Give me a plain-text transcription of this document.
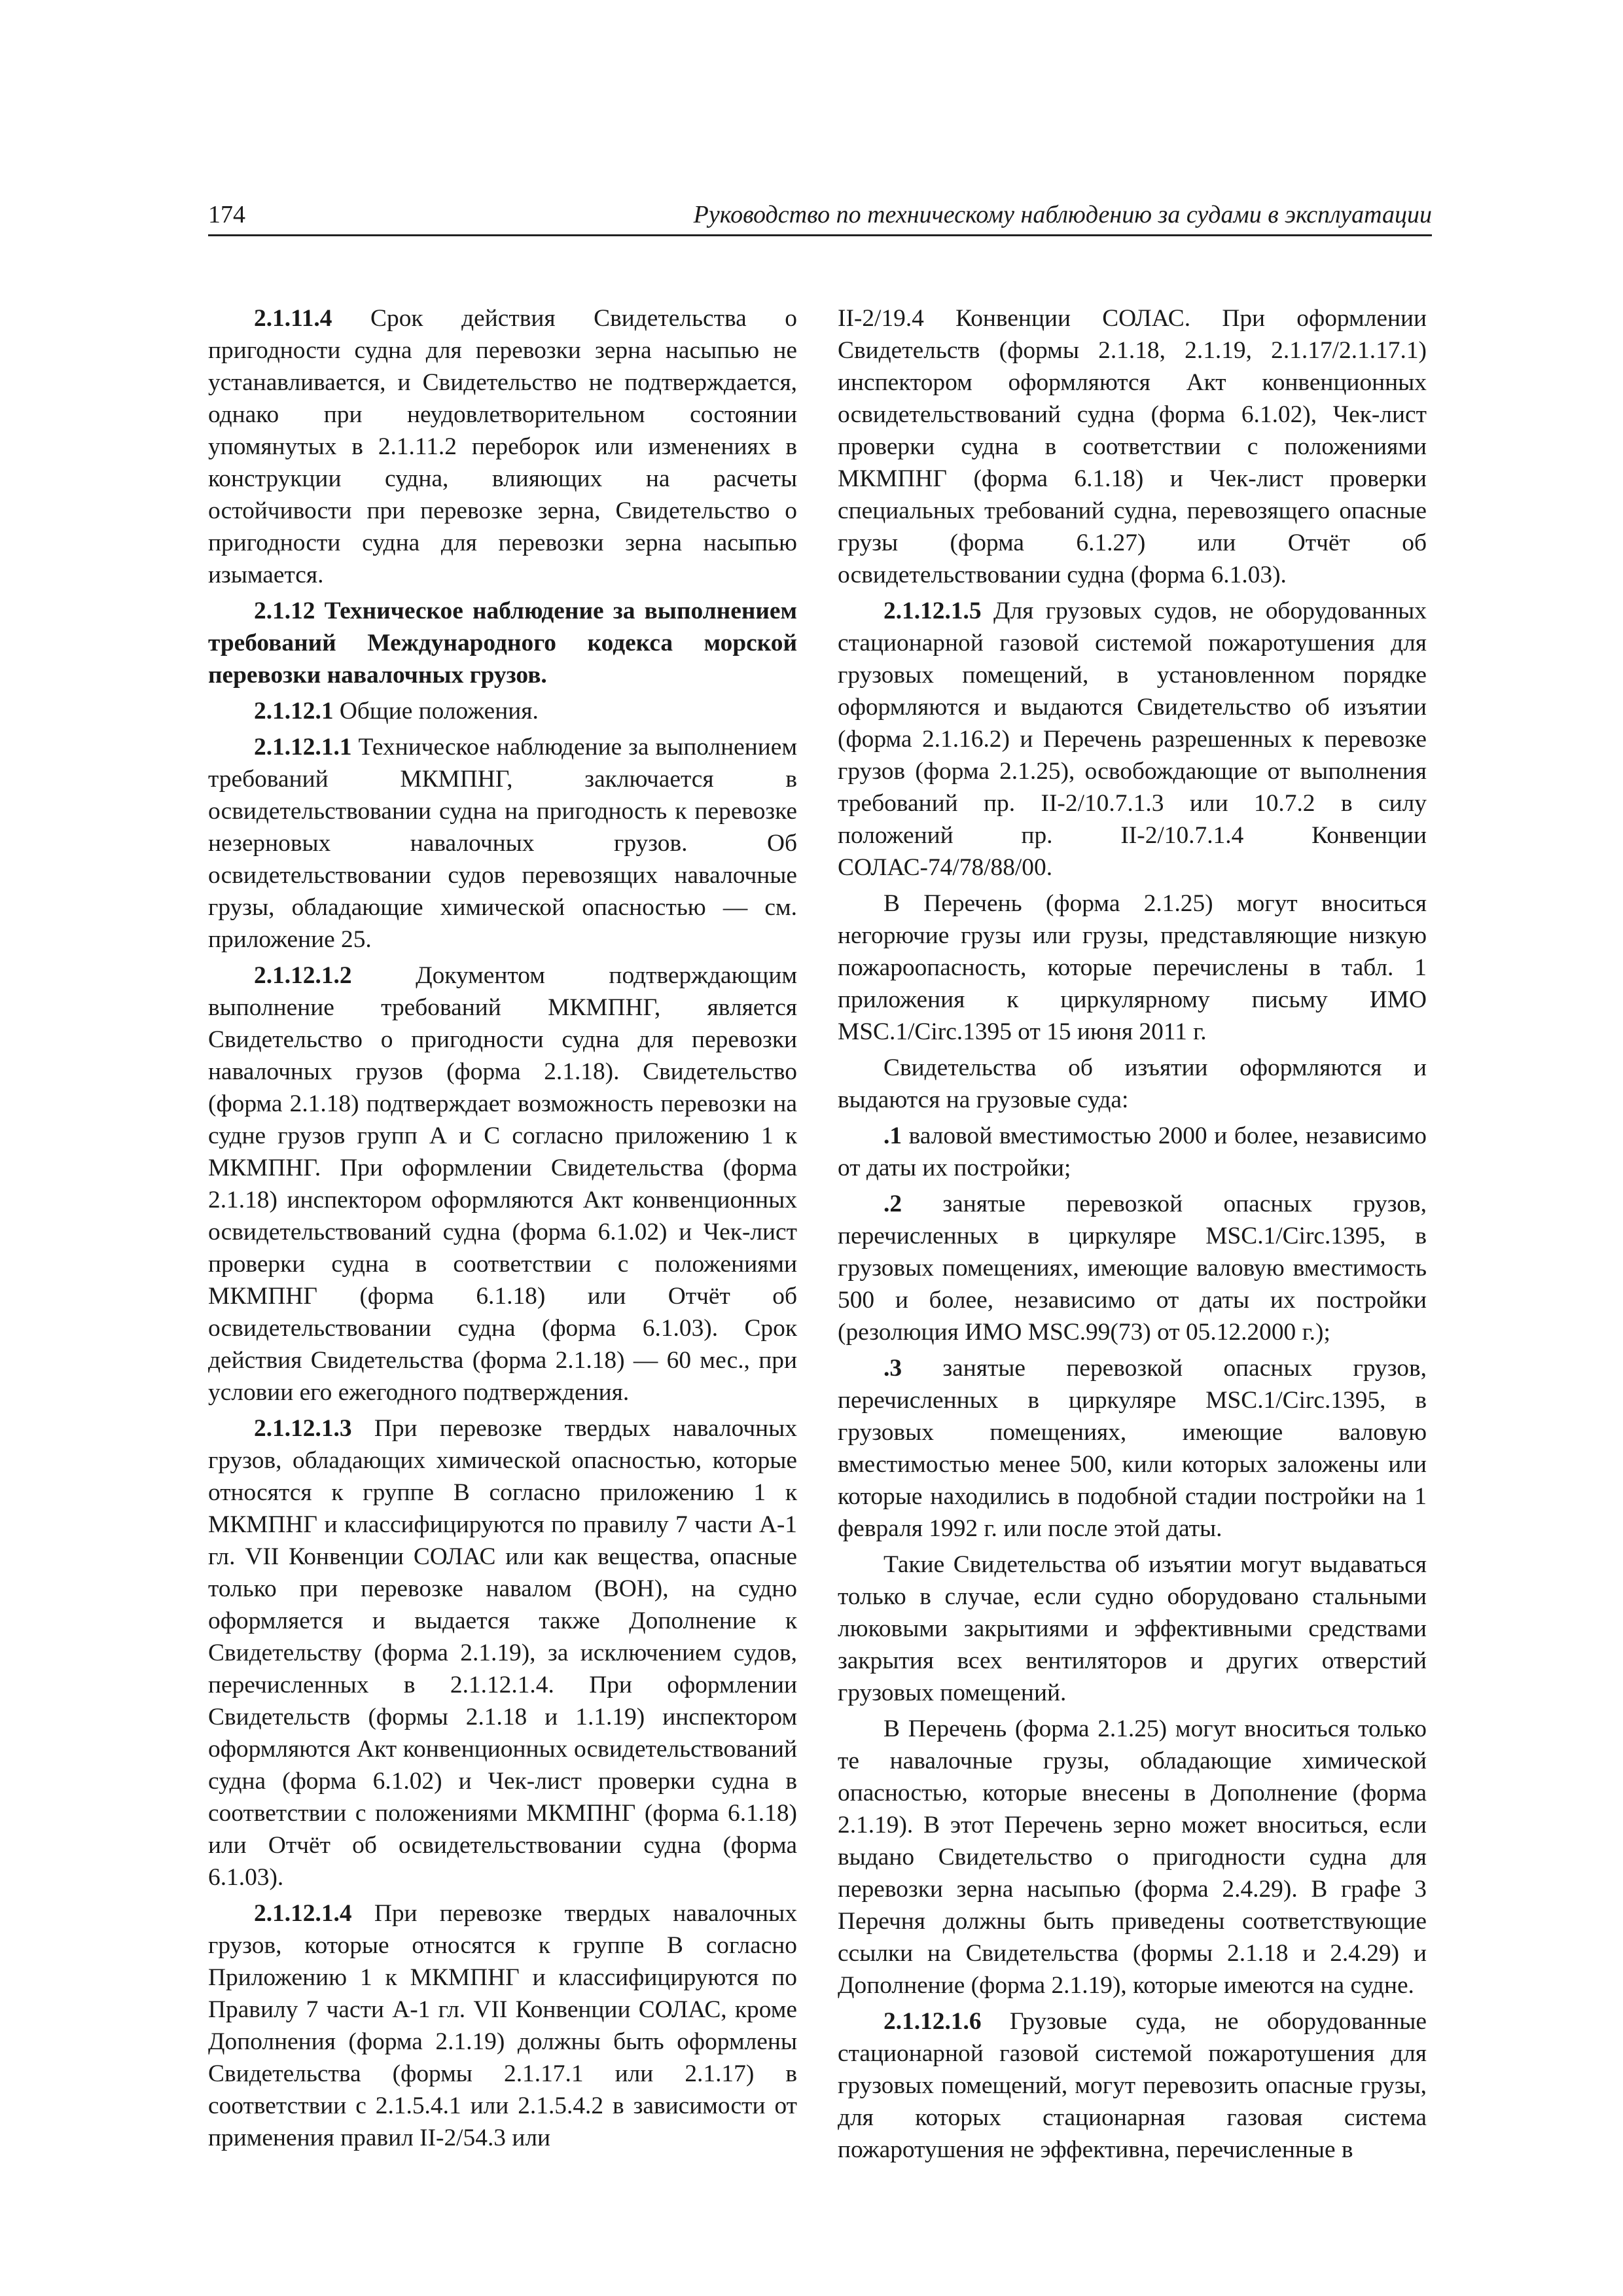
174	Руководство по техническому наблюдению за судами в эксплуатации

2.1.11.4 Срок действия Свидетельства о пригодности судна для перевозки зерна насыпью не устанавливается, и Свидетельство не подтверждается, однако при неудовлетворительном состоянии упомянутых в 2.1.11.2 переборок или изменениях в конструкции судна, влияющих на расчеты остойчивости при перевозке зерна, Свидетельство о пригодности судна для перевозки зерна насыпью изымается.

2.1.12 Техническое наблюдение за выполнением требований Международного кодекса морской перевозки навалочных грузов.

2.1.12.1 Общие положения.

2.1.12.1.1 Техническое наблюдение за выполнением требований МКМПНГ, заключается в освидетельствовании судна на пригодность к перевозке незерновых навалочных грузов. Об освидетельствовании судов перевозящих навалочные грузы, обладающие химической опасностью — см. приложение 25.

2.1.12.1.2 Документом подтверждающим выполнение требований МКМПНГ, является Свидетельство о пригодности судна для перевозки навалочных грузов (форма 2.1.18). Свидетельство (форма 2.1.18) подтверждает возможность перевозки на судне грузов групп А и С согласно приложению 1 к МКМПНГ. При оформлении Свидетельства (форма 2.1.18) инспектором оформляются Акт конвенционных освидетельствований судна (форма 6.1.02) и Чек-лист проверки судна в соответствии с положениями МКМПНГ (форма 6.1.18) или Отчёт об освидетельствовании судна (форма 6.1.03). Срок действия Свидетельства (форма 2.1.18) — 60 мес., при условии его ежегодного подтверждения.

2.1.12.1.3 При перевозке твердых навалочных грузов, обладающих химической опасностью, которые относятся к группе В согласно приложению 1 к МКМПНГ и классифицируются по правилу 7 части А-1 гл. VII Конвенции СОЛАС или как вещества, опасные только при перевозке навалом (ВОН), на судно оформляется и выдается также Дополнение к Свидетельству (форма 2.1.19), за исключением судов, перечисленных в 2.1.12.1.4. При оформлении Свидетельств (формы 2.1.18 и 1.1.19) инспектором оформляются Акт конвенционных освидетельствований судна (форма 6.1.02) и Чек-лист проверки судна в соответствии с положениями МКМПНГ (форма 6.1.18) или Отчёт об освидетельствовании судна (форма 6.1.03).

2.1.12.1.4 При перевозке твердых навалочных грузов, которые относятся к группе В согласно Приложению 1 к МКМПНГ и классифицируются по Правилу 7 части А-1 гл. VII Конвенции СОЛАС, кроме Дополнения (форма 2.1.19) должны быть оформлены Свидетельства (формы 2.1.17.1 или 2.1.17) в соответствии с 2.1.5.4.1 или 2.1.5.4.2 в зависимости от применения правил II-2/54.3 или

II-2/19.4 Конвенции СОЛАС. При оформлении Свидетельств (формы 2.1.18, 2.1.19, 2.1.17/2.1.17.1) инспектором оформляются Акт конвенционных освидетельствований судна (форма 6.1.02), Чек-лист проверки судна в соответствии с положениями МКМПНГ (форма 6.1.18) и Чек-лист проверки специальных требований судна, перевозящего опасные грузы (форма 6.1.27) или Отчёт об освидетельствовании судна (форма 6.1.03).

2.1.12.1.5 Для грузовых судов, не оборудованных стационарной газовой системой пожаротушения для грузовых помещений, в установленном порядке оформляются и выдаются Свидетельство об изъятии (форма 2.1.16.2) и Перечень разрешенных к перевозке грузов (форма 2.1.25), освобождающие от выполнения требований пр. II-2/10.7.1.3 или 10.7.2 в силу положений пр. II-2/10.7.1.4 Конвенции СОЛАС-74/78/88/00.

В Перечень (форма 2.1.25) могут вноситься негорючие грузы или грузы, представляющие низкую пожароопасность, которые перечислены в табл. 1 приложения к циркулярному письму ИМО MSC.1/Circ.1395 от 15 июня 2011 г.

Свидетельства об изъятии оформляются и выдаются на грузовые суда:

.1 валовой вместимостью 2000 и более, независимо от даты их постройки;

.2 занятые перевозкой опасных грузов, перечисленных в циркуляре MSC.1/Circ.1395, в грузовых помещениях, имеющие валовую вместимость 500 и более, независимо от даты их постройки (резолюция ИМО MSC.99(73) от 05.12.2000 г.);

.3 занятые перевозкой опасных грузов, перечисленных в циркуляре MSC.1/Circ.1395, в грузовых помещениях, имеющие валовую вместимостью менее 500, кили которых заложены или которые находились в подобной стадии постройки на 1 февраля 1992 г. или после этой даты.

Такие Свидетельства об изъятии могут выдаваться только в случае, если судно оборудовано стальными люковыми закрытиями и эффективными средствами закрытия всех вентиляторов и других отверстий грузовых помещений.

В Перечень (форма 2.1.25) могут вноситься только те навалочные грузы, обладающие химической опасностью, которые внесены в Дополнение (форма 2.1.19). В этот Перечень зерно может вноситься, если выдано Свидетельство о пригодности судна для перевозки зерна насыпью (форма 2.4.29). В графе 3 Перечня должны быть приведены соответствующие ссылки на Свидетельства (формы 2.1.18 и 2.4.29) и Дополнение (форма 2.1.19), которые имеются на судне.

2.1.12.1.6 Грузовые суда, не оборудованные стационарной газовой системой пожаротушения для грузовых помещений, могут перевозить опасные грузы, для которых стационарная газовая система пожаротушения не эффективна, перечисленные в
